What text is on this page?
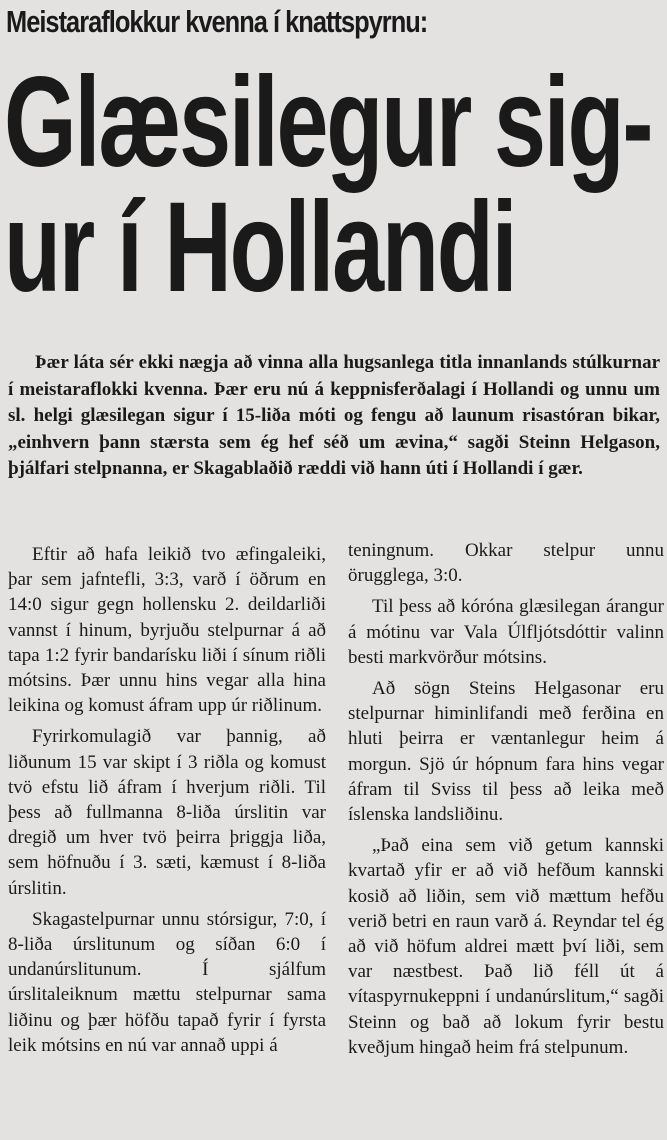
Meistaraflokkur kvenna í knattspyrnu:
Glæsilegur sig-
ur í Hollandi
Þær láta sér ekki nægja að vinna alla hugsanlega titla innanlands stúlkurnar í meistaraflokki kvenna. Þær eru nú á keppnisferðalagi í Hollandi og unnu um sl. helgi glæsilegan sigur í 15-liða móti og fengu að launum risastóran bikar, „einhvern þann stærsta sem ég hef séð um ævina,“ sagði Steinn Helgason, þjálfari stelpnanna, er Skagablaðið ræddi við hann úti í Hollandi í gær.

Eftir að hafa leikið tvo æfingaleiki, þar sem jafntefli, 3:3, varð í öðrum en 14:0 sigur gegn hollensku 2. deildarliði vannst í hinum, byrjuðu stelpurnar á að tapa 1:2 fyrir bandarísku liði í sínum riðli mótsins. Þær unnu hins vegar alla hina leikina og komust áfram upp úr riðlinum.

Fyrirkomulagið var þannig, að liðunum 15 var skipt í 3 riðla og komust tvö efstu lið áfram í hverjum riðli. Til þess að fullmanna 8-liða úrslitin var dregið um hver tvö þeirra þriggja liða, sem höfnuðu í 3. sæti, kæmust í 8-liða úrslitin.

Skagastelpurnar unnu stórsigur, 7:0, í 8-liða úrslitunum og síðan 6:0 í undanúrslitunum. Í sjálfum úrslitaleiknum mættu stelpurnar sama liðinu og þær höfðu tapað fyrir í fyrsta leik mótsins en nú var annað uppi á

teningnum. Okkar stelpur unnu örugglega, 3:0.

Til þess að kóróna glæsilegan árangur á mótinu var Vala Úlfljótsdóttir valinn besti markvörður mótsins.

Að sögn Steins Helgasonar eru stelpurnar himinlifandi með ferðina en hluti þeirra er væntanlegur heim á morgun. Sjö úr hópnum fara hins vegar áfram til Sviss til þess að leika með íslenska landsliðinu.

„Það eina sem við getum kannski kvartað yfir er að við hefðum kannski kosið að liðin, sem við mættum hefðu verið betri en raun varð á. Reyndar tel ég að við höfum aldrei mætt því liði, sem var næstbest. Það lið féll út á vítaspyrnukeppni í undanúrslitum,“ sagði Steinn og bað að lokum fyrir bestu kveðjum hingað heim frá stelpunum.
